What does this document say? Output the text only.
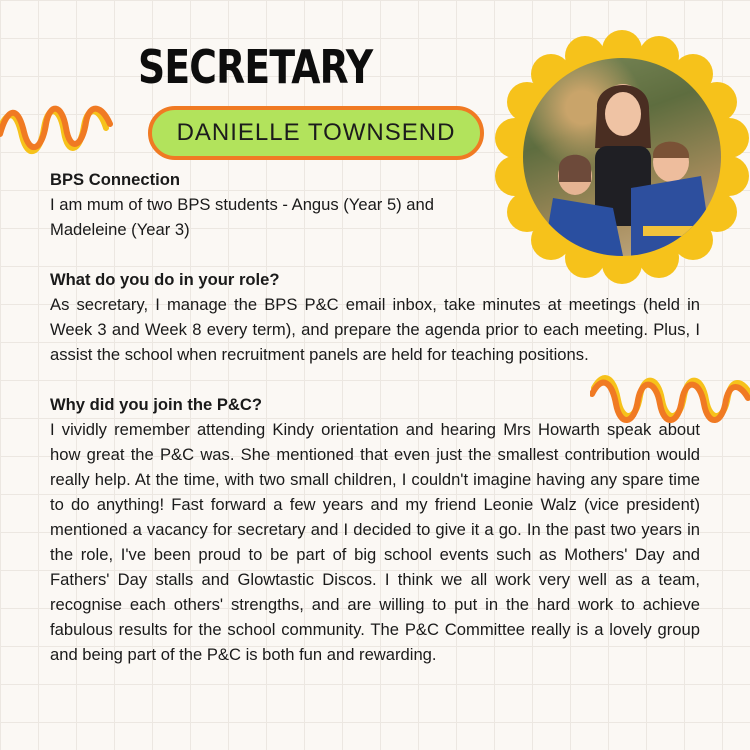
SECRETARY
DANIELLE TOWNSEND

BPS Connection

I am mum of two BPS students - Angus (Year 5) and Madeleine (Year 3)

What do you do in your role?

As secretary, I manage the BPS P&C email inbox, take minutes at meetings (held in Week 3 and Week 8 every term), and prepare the agenda prior to each meeting. Plus, I assist the school when recruitment panels are held for teaching positions.

Why did you join the P&C?

I vividly remember attending Kindy orientation and hearing Mrs Howarth speak about how great the P&C was. She mentioned that even just the smallest contribution would really help. At the time, with two small children, I couldn't imagine having any spare time to do anything! Fast forward a few years and my friend Leonie Walz (vice president) mentioned a vacancy for secretary and I decided to give it a go. In the past two years in the role, I've been proud to be part of big school events such as Mothers' Day and Fathers' Day stalls and Glowtastic Discos. I think we all work very well as a team, recognise each others' strengths, and are willing to put in the hard work to achieve fabulous results for the school community. The P&C Committee really is a lovely group and being part of the P&C is both fun and rewarding.
